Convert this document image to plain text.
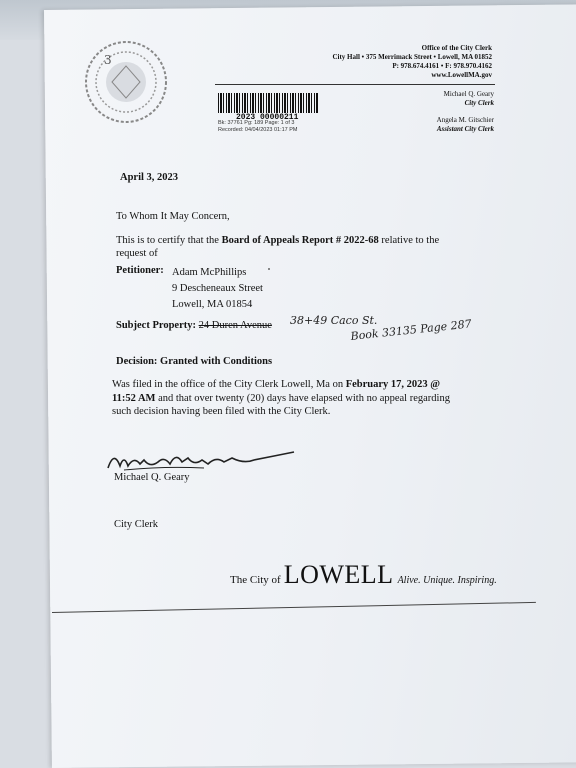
3
Office of the City Clerk
City Hall • 375 Merrimack Street • Lowell, MA 01852
P: 978.674.4161 • F: 978.970.4162
www.LowellMA.gov
Michael Q. Geary
City Clerk
Angela M. Gitschier
Assistant City Clerk
2023 00000211
Bk: 37761 Pg: 189 Page: 1 of 3
Recorded: 04/04/2023 01:17 PM
April 3, 2023
To Whom It May Concern,
This is to certify that the Board of Appeals Report # 2022-68 relative to the request of
Petitioner: Adam McPhillips
9 Descheneaux Street
Lowell, MA 01854
Subject Property: 24 Duren Avenue 38+49 Caco St.
Book 33135 Page 287
Decision: Granted with Conditions
Was filed in the office of the City Clerk Lowell, Ma on February 17, 2023 @ 11:52 AM and that over twenty (20) days have elapsed with no appeal regarding such decision having been filed with the City Clerk.
Michael Q. Geary
City Clerk
The City of LOWELL Alive. Unique. Inspiring.
